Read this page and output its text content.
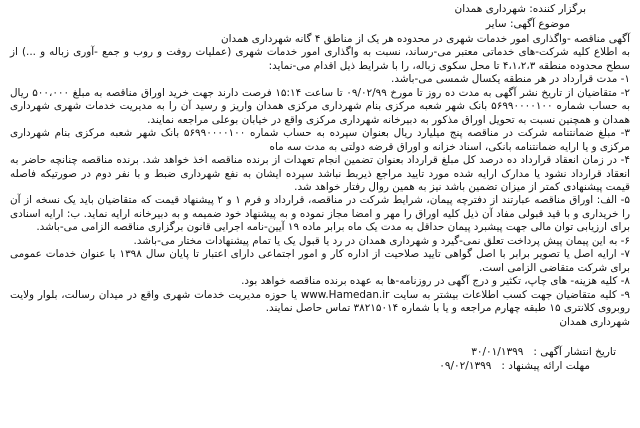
برگزار کننده: شهرداری همدان
موضوع آگهی: سایر

آگهی مناقصه -واگذاری امور خدمات شهری در محدوده هر یک از مناطق ۴ گانه شهرداری همدان

به اطلاع کلیه شرکت-های خدماتی معتبر می-رساند، نسبت به واگذاری امور خدمات شهری (عملیات روفت و روب و جمع -آوری زباله و ...) از سطح محدوده منطقه ۴،۱،۲،۳ تا محل سکوی زباله، را با شرایط ذیل اقدام می-نماید:

۱- مدت قرارداد در هر منطقه یکسال شمسی می-باشد.

۲- متقاضیان از تاریخ نشر آگهی به مدت ده روز تا مورخ ۰۹/۰۲/۹۹ تا ساعت ۱۵:۱۴ فرصت دارند جهت خرید اوراق مناقصه به مبلغ ۵۰۰،۰۰۰ ریال به حساب شماره ۵۶۹۹۰۰۰۰۱۰۰ بانک شهر شعبه مرکزی بنام شهرداری مرکزی همدان واریز و رسید آن را به مدیریت خدمات شهری شهرداری همدان و همچنین نسبت به تحویل اوراق مذکور به دبیرخانه شهرداری مرکزی واقع در خیابان بوعلی مراجعه نمایند.

۳- مبلغ ضمانتنامه شرکت در مناقصه پنج میلیارد ریال بعنوان سپرده به حساب شماره ۵۶۹۹۰۰۰۰۱۰۰ بانک شهر شعبه مرکزی بنام شهرداری مرکزی و یا ارایه ضمانتنامه بانکی، اسناد خزانه و اوراق قرضه دولتی به مدت سه ماه

۴- در زمان انعقاد قرارداد ده درصد کل مبلغ قرارداد بعنوان تضمین انجام تعهدات از برنده مناقصه اخذ خواهد شد. برنده مناقصه چنانچه حاضر به انعقاد قرارداد نشود یا مدارک ارایه شده مورد تایید مراجع ذیربط نباشد سپرده ایشان به نفع شهرداری ضبط و با نفر دوم در صورتیکه فاصله قیمت پیشنهادی کمتر از میزان تضمین باشد نیز به همین روال رفتار خواهد شد.

۵- الف: اوراق مناقصه عبارتند از دفترچه پیمان، شرایط شرکت در مناقصه، قرارداد و فرم ۱ و ۲ پیشنهاد قیمت که متقاضیان باید یک نسخه از آن را خریداری و با قید قبولی مفاد آن ذیل کلیه اوراق را مهر و امضا مجاز نموده و به پیشنهاد خود ضمیمه و به دبیرخانه ارایه نماید. ب: ارایه اسنادی برای ارزیابی توان مالی جهت پیشبرد پیمان حداقل به مدت یک ماه برابر ماده ۱۹ آیین-نامه اجرایی قانون برگزاری مناقصه الزامی می-باشد.

۶- به این پیمان پیش پرداخت تعلق نمی-گیرد و شهرداری همدان در رد یا قبول یک یا تمام پیشنهادات مختار می-باشد.

۷- ارایه اصل یا تصویر برابر با اصل گواهی تایید صلاحیت از اداره کار و امور اجتماعی دارای اعتبار تا پایان سال ۱۳۹۸ با عنوان خدمات عمومی برای شرکت متقاضی الزامی است.

۸- کلیه هزینه- های چاپ، تکثیر و درج آگهی در روزنامه-ها به عهده برنده مناقصه خواهد بود.

۹- کلیه متقاضیان جهت کسب اطلاعات بیشتر به سایت www.Hamedan.ir یا حوزه مدیریت خدمات شهری واقع در میدان رسالت، بلوار ولایت روبروی کلانتری ۱۵ طبقه چهارم مراجعه و یا با شماره ۳۸۲۱۵۰۱۴ تماس حاصل نمایند.

شهرداری همدان

تاریخ انتشار آگهی :
۳۰/۰۱/۱۳۹۹
مهلت ارائه پیشنهاد :
۰۹/۰۲/۱۳۹۹
